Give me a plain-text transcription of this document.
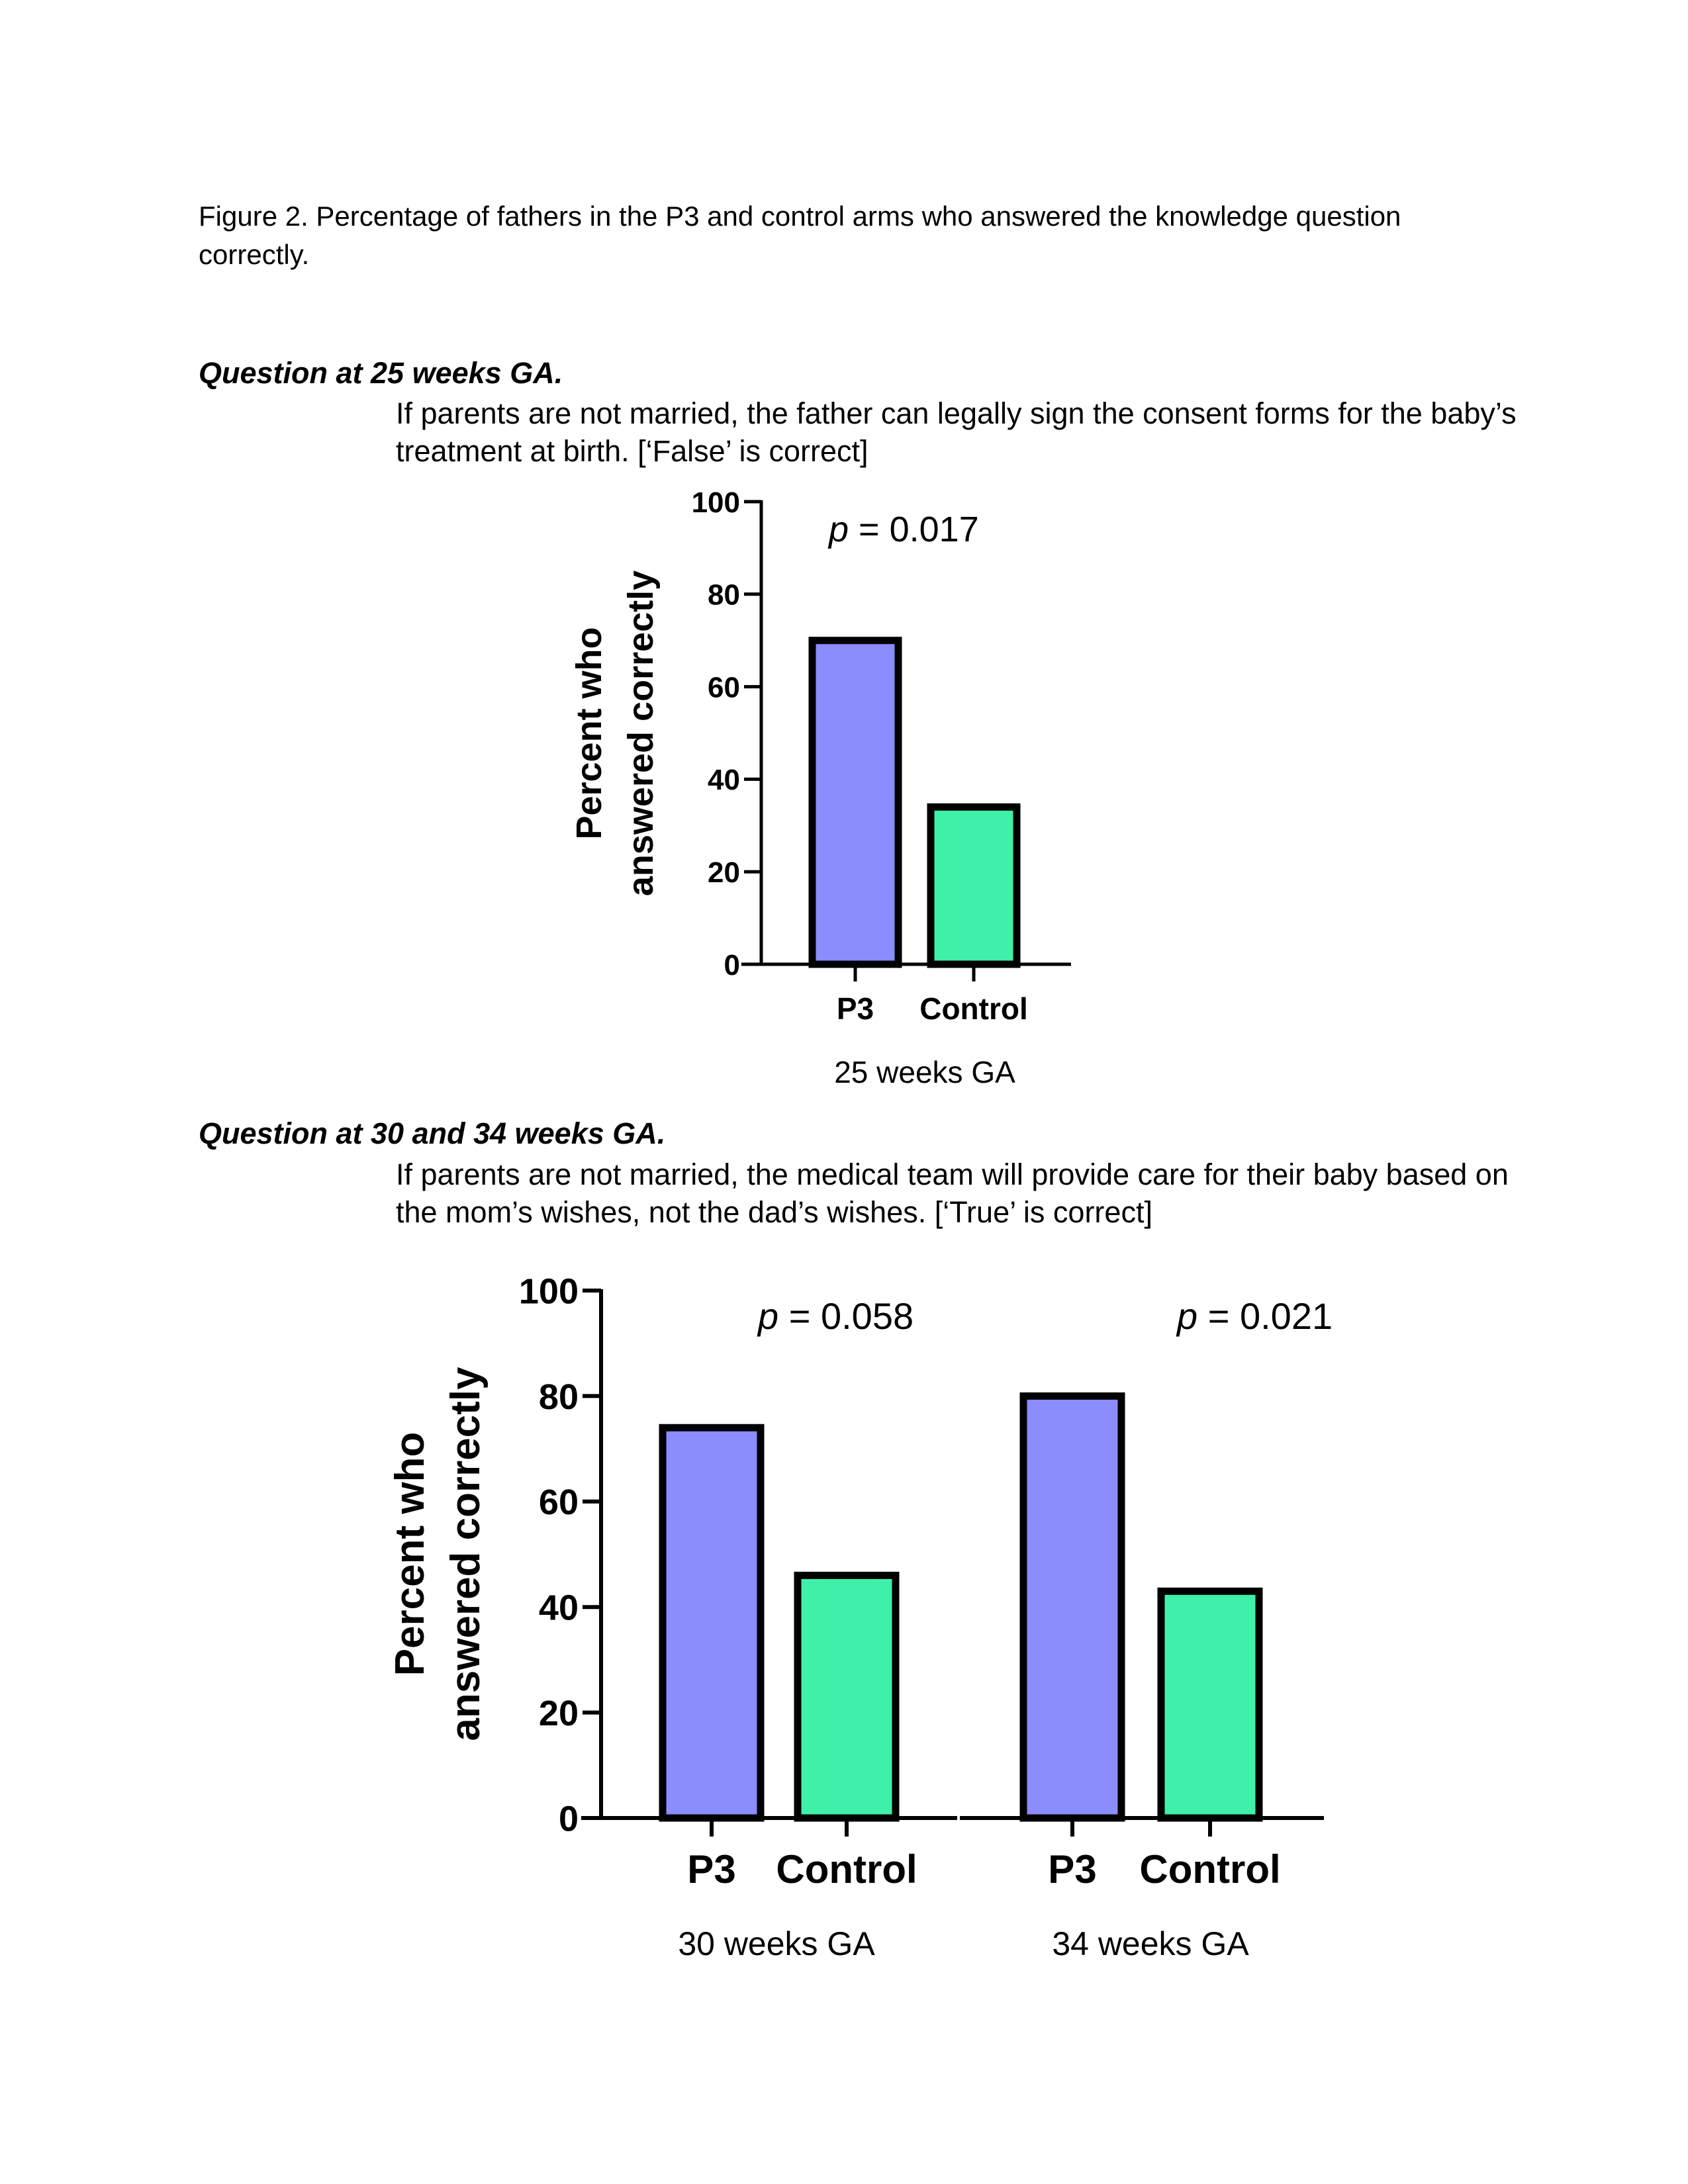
Figure 2. Percentage of fathers in the P3 and control arms who answered the knowledge question correctly.
Question at 25 weeks GA.
If parents are not married, the father can legally sign the consent forms for the baby’s treatment at birth. [‘False’ is correct]
0
20
40
60
80
100
Percent who answered correctly
P3 Control
25 weeks GA
p = 0.017
Question at 30 and 34 weeks GA.
If parents are not married, the medical team will provide care for their baby based on the mom’s wishes, not the dad’s wishes. [‘True’ is correct]
0
20
40
60
80
100
Percent who answered correctly
P3 Control
30 weeks GA
p = 0.058
P3 Control
34 weeks GA
p = 0.021
